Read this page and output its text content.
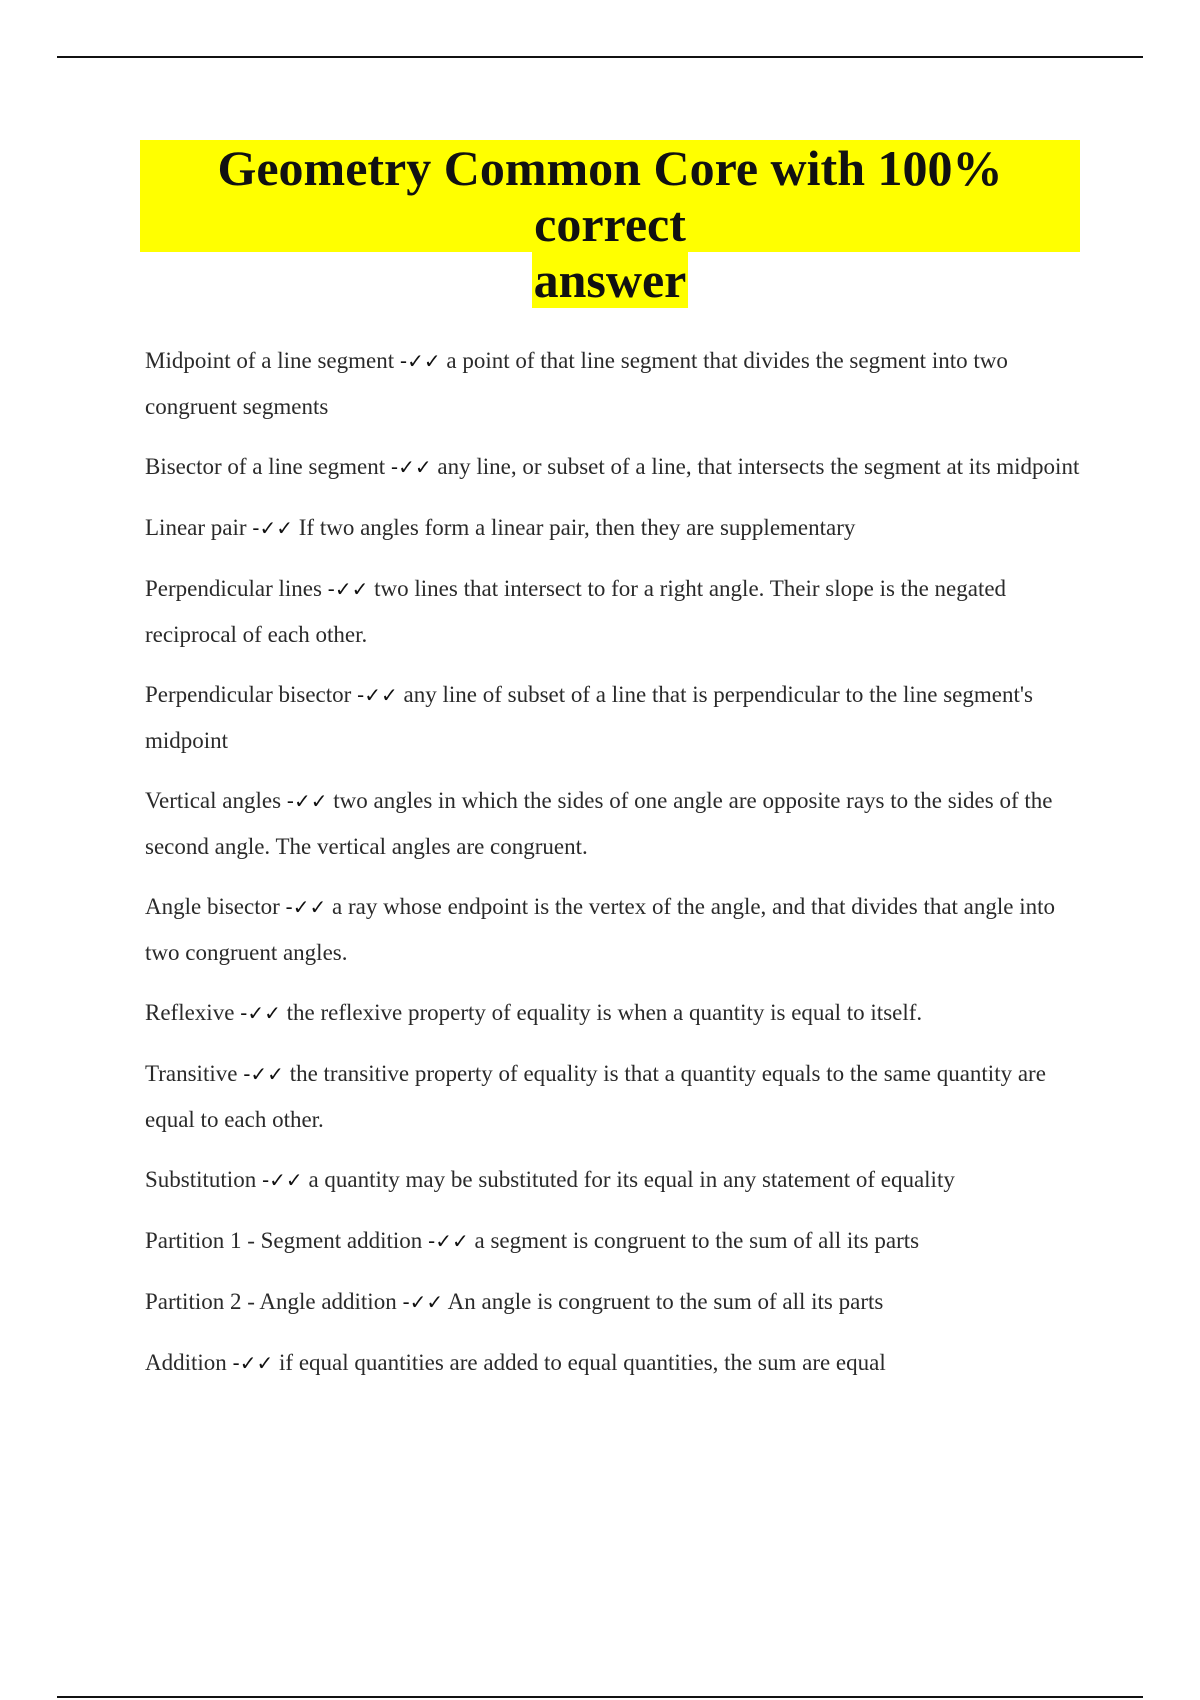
Geometry Common Core with 100% correct
answer
Midpoint of a line segment -✓✓ a point of that line segment that divides the segment into two congruent segments
Bisector of a line segment -✓✓ any line, or subset of a line, that intersects the segment at its midpoint
Linear pair -✓✓ If two angles form a linear pair, then they are supplementary
Perpendicular lines -✓✓ two lines that intersect to for a right angle. Their slope is the negated reciprocal of each other.
Perpendicular bisector -✓✓ any line of subset of a line that is perpendicular to the line segment's midpoint
Vertical angles -✓✓ two angles in which the sides of one angle are opposite rays to the sides of the second angle. The vertical angles are congruent.
Angle bisector -✓✓ a ray whose endpoint is the vertex of the angle, and that divides that angle into two congruent angles.
Reflexive -✓✓ the reflexive property of equality is when a quantity is equal to itself.
Transitive -✓✓ the transitive property of equality is that a quantity equals to the same quantity are equal to each other.
Substitution -✓✓ a quantity may be substituted for its equal in any statement of equality
Partition 1 - Segment addition -✓✓ a segment is congruent to the sum of all its parts
Partition 2 - Angle addition -✓✓ An angle is congruent to the sum of all its parts
Addition -✓✓ if equal quantities are added to equal quantities, the sum are equal
